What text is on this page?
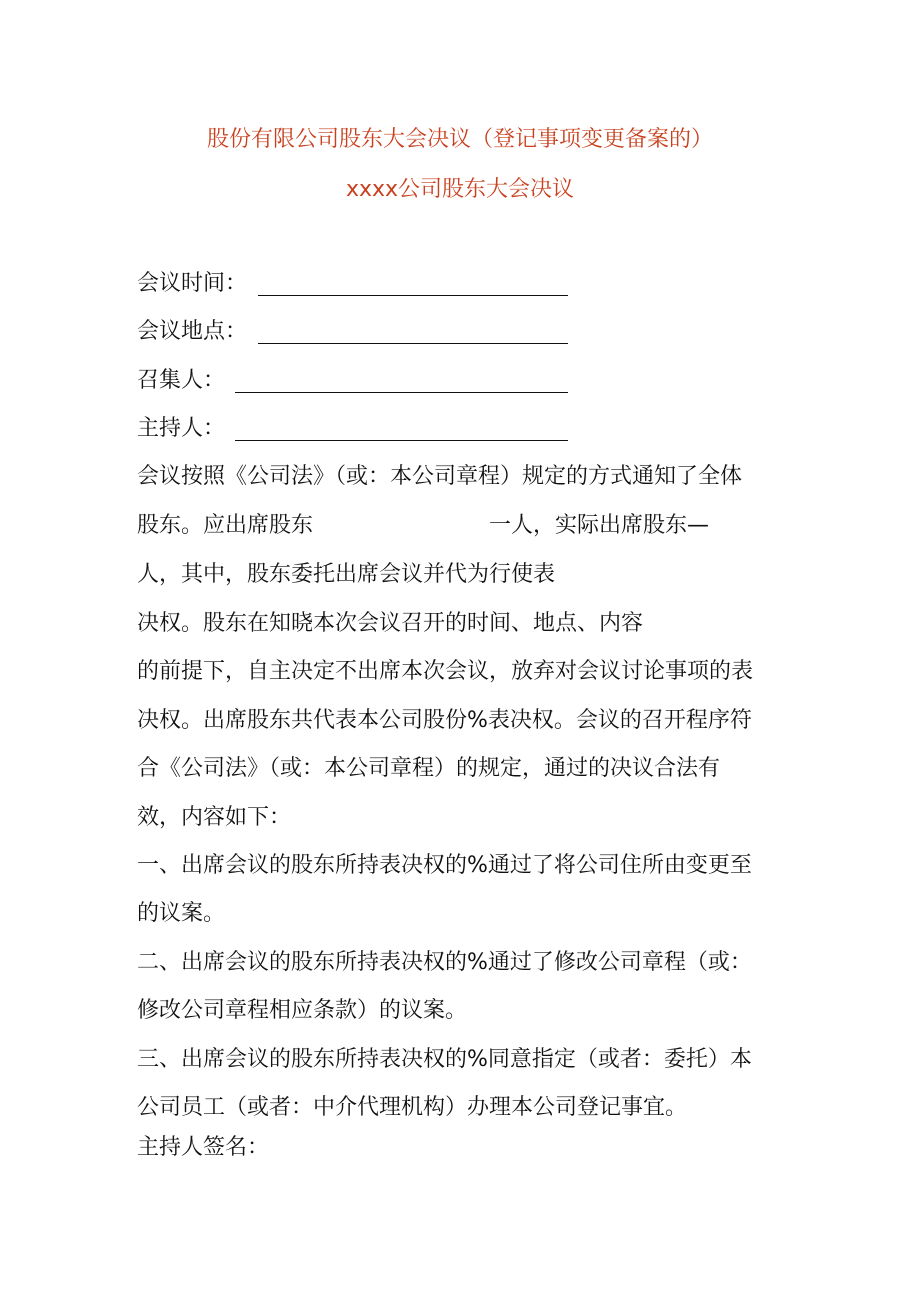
股份有限公司股东大会决议（登记事项变更备案的）
xxxx公司股东大会决议
会议时间：
会议地点：
召集人：
主持人：
会议按照《公司法》（或：本公司章程）规定的方式通知了全体
股东。应出席股东	一人，实际出席股东—
人，其中，股东委托出席会议并代为行使表
决权。股东在知晓本次会议召开的时间、地点、内容
的前提下，自主决定不出席本次会议，放弃对会议讨论事项的表
决权。出席股东共代表本公司股份%表决权。会议的召开程序符
合《公司法》（或：本公司章程）的规定，通过的决议合法有
效，内容如下：
一、出席会议的股东所持表决权的%通过了将公司住所由变更至
的议案。
二、出席会议的股东所持表决权的%通过了修改公司章程（或：
修改公司章程相应条款）的议案。
三、出席会议的股东所持表决权的%同意指定（或者：委托）本
公司员工（或者：中介代理机构）办理本公司登记事宜。
主持人签名：
